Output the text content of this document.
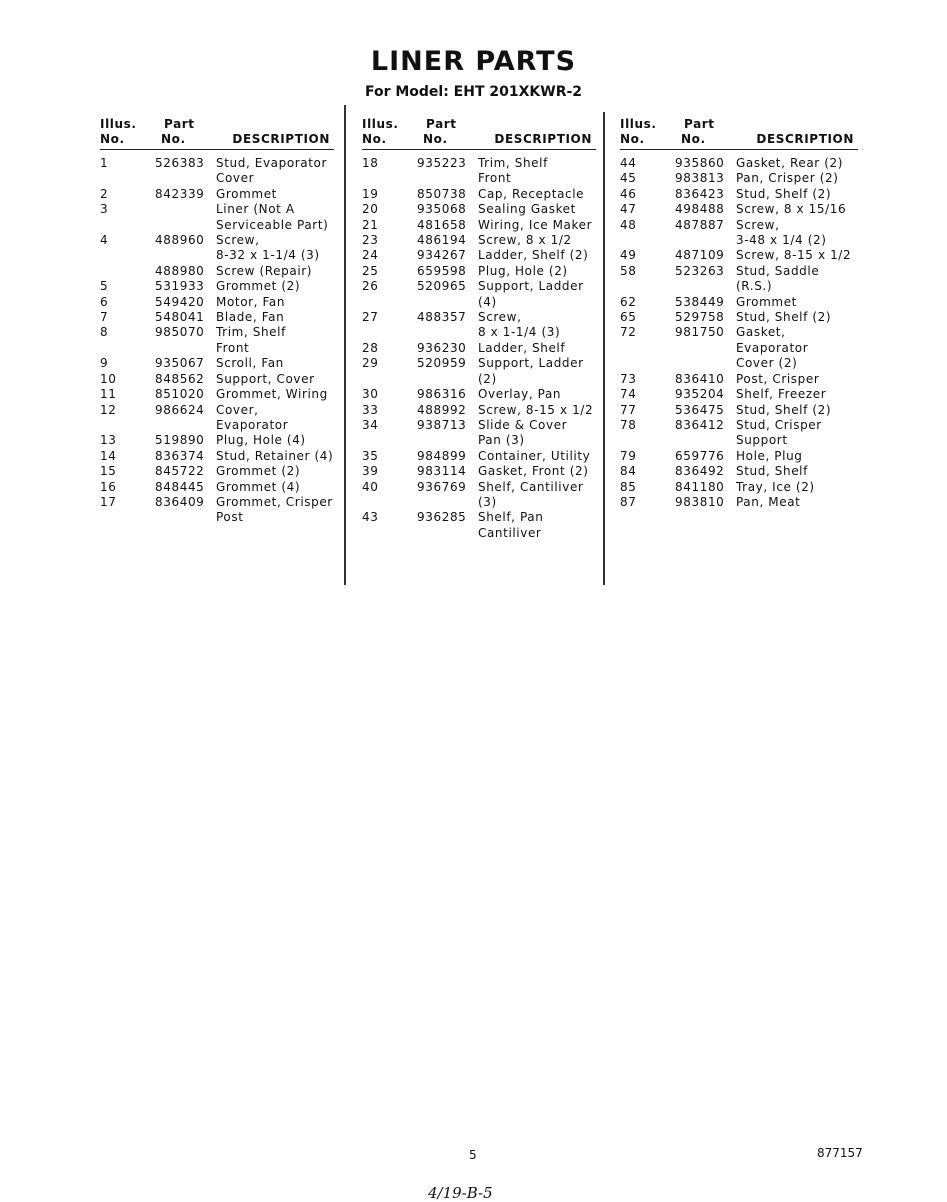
LINER PARTS
For Model: EHT 201XKWR-2
Illus.
No.
Part
No.	DESCRIPTION
1	526383 Stud, Evaporator
Cover
2	842339 Grommet
3	Liner (Not A
Serviceable Part)
4	488960 Screw,
8-32 x 1-1/4 (3)
488980 Screw (Repair)
5	531933 Grommet (2)
6	549420 Motor, Fan
7	548041 Blade, Fan
8	985070 Trim, Shelf
Front
9	935067 Scroll, Fan
10	848562 Support, Cover
11	851020 Grommet, Wiring
12	986624 Cover, Evaporator
13	519890 Plug, Hole (4)
14	836374 Stud, Retainer (4)
15	845722 Grommet (2)
16	848445 Grommet (4)
17	836409 Grommet, Crisper
Post
Illus.
No.
Part
No.	DESCRIPTION
18	935223 Trim, Shelf
Front
19	850738 Cap, Receptacle
20	935068 Sealing Gasket
21	481658 Wiring, Ice Maker
23	486194 Screw, 8 x 1/2
24	934267 Ladder, Shelf (2)
25	659598 Plug, Hole (2)
26	520965 Support, Ladder (4)
27	488357 Screw,
8 x 1-1/4 (3)
28	936230 Ladder, Shelf
29	520959 Support, Ladder (2)
30	986316 Overlay, Pan
33	488992 Screw, 8-15 x 1/2
34	938713 Slide & Cover
Pan (3)
35	984899 Container, Utility
39	983114 Gasket, Front (2)
40	936769 Shelf, Cantiliver (3)
43	936285 Shelf, Pan
Cantiliver
Illus.
No.
Part
No.	DESCRIPTION
44	935860 Gasket, Rear (2)
45	983813 Pan, Crisper (2)
46	836423 Stud, Shelf (2)
47	498488 Screw, 8 x 15/16
48	487887 Screw,
3-48 x 1/4 (2)
49	487109 Screw, 8-15 x 1/2
58	523263 Stud, Saddle (R.S.)
62	538449 Grommet
65	529758 Stud, Shelf (2)
72	981750 Gasket, Evaporator
Cover (2)
73	836410 Post, Crisper
74	935204 Shelf, Freezer
77	536475 Stud, Shelf (2)
78	836412 Stud, Crisper
Support
79	659776 Hole, Plug
84	836492 Stud, Shelf
85	841180 Tray, Ice (2)
87	983810 Pan, Meat
5	877157
4/19-B-5
